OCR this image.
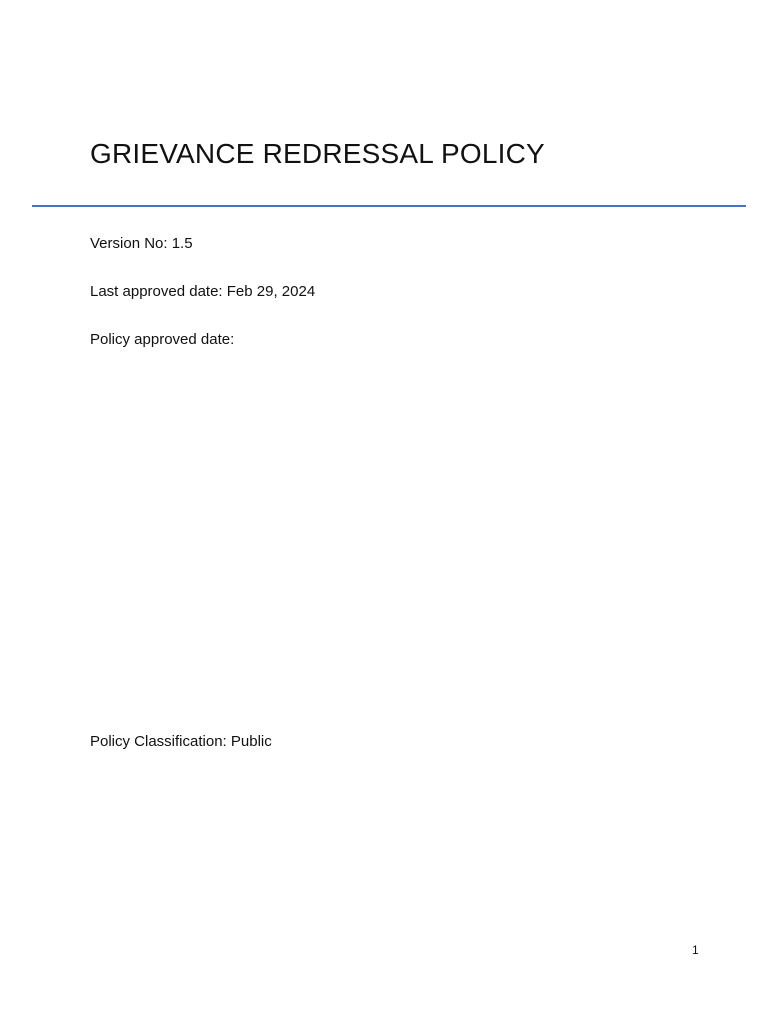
GRIEVANCE REDRESSAL POLICY
Version No: 1.5
Last approved date: Feb 29, 2024
Policy approved date:
Policy Classification: Public
1
